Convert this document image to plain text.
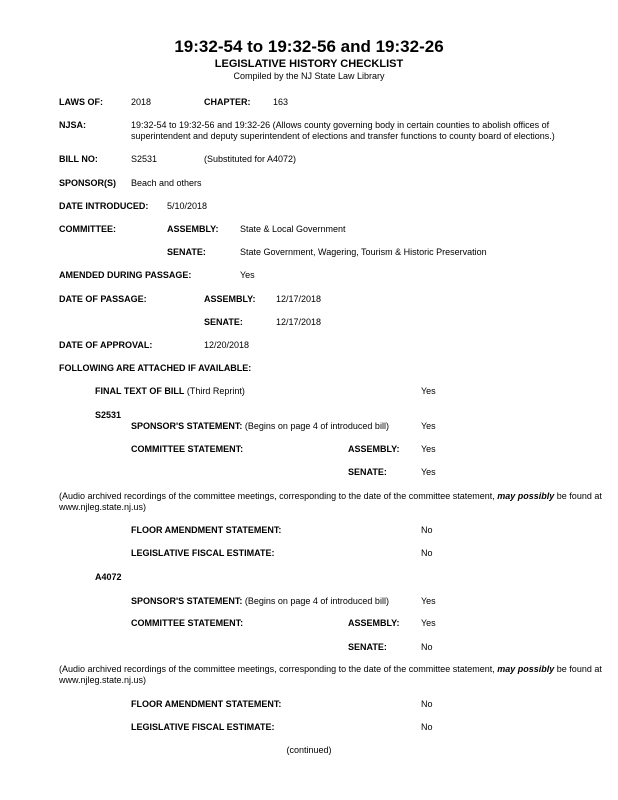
19:32-54 to 19:32-56 and 19:32-26
LEGISLATIVE HISTORY CHECKLIST
Compiled by the NJ State Law Library
LAWS OF:	2018	CHAPTER:	163
NJSA:	19:32-54 to 19:32-56 and 19:32-26 (Allows county governing body in certain counties to abolish offices of superintendent and deputy superintendent of elections and transfer functions to county board of elections.)
BILL NO:	S2531	(Substituted for A4072)
SPONSOR(S) Beach and others
DATE INTRODUCED: 5/10/2018
COMMITTEE:	ASSEMBLY: State & Local Government
SENATE:	State Government, Wagering, Tourism & Historic Preservation
AMENDED DURING PASSAGE:	Yes
DATE OF PASSAGE:	ASSEMBLY: 12/17/2018
SENATE:	12/17/2018
DATE OF APPROVAL:	12/20/2018
FOLLOWING ARE ATTACHED IF AVAILABLE:
FINAL TEXT OF BILL (Third Reprint)	Yes
S2531
SPONSOR'S STATEMENT: (Begins on page 4 of introduced bill)	Yes
COMMITTEE STATEMENT:	ASSEMBLY: Yes
SENATE:	Yes
(Audio archived recordings of the committee meetings, corresponding to the date of the committee statement, may possibly be found at www.njleg.state.nj.us)
FLOOR AMENDMENT STATEMENT:	No
LEGISLATIVE FISCAL ESTIMATE:	No
A4072
SPONSOR'S STATEMENT: (Begins on page 4 of introduced bill)	Yes
COMMITTEE STATEMENT:	ASSEMBLY: Yes
SENATE:	No
(Audio archived recordings of the committee meetings, corresponding to the date of the committee statement, may possibly be found at www.njleg.state.nj.us)
FLOOR AMENDMENT STATEMENT:	No
LEGISLATIVE FISCAL ESTIMATE:	No
(continued)
